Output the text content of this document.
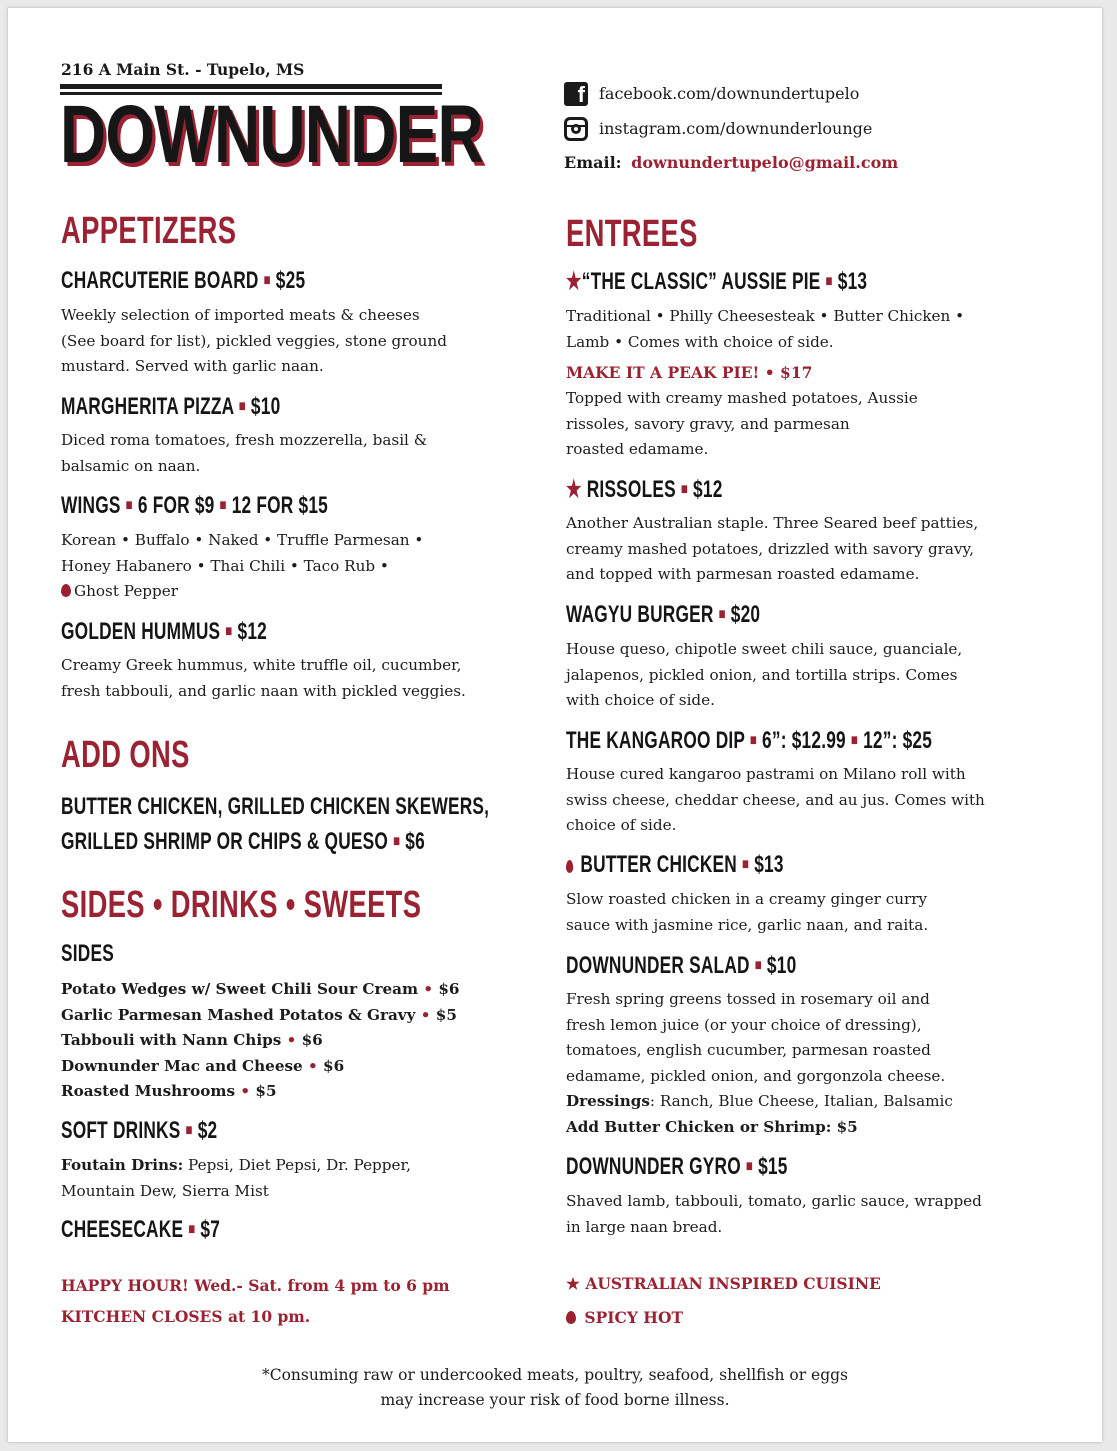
216 A Main St. - Tupelo, MS
DOWNUNDER	f facebook.com/downundertupelo
instagram.com/downunderlounge
Email: downundertupelo@gmail.com
APPETIZERS
CHARCUTERIE BOARD ■ $25
Weekly selection of imported meats & cheeses
(See board for list), pickled veggies, stone ground
mustard. Served with garlic naan.
MARGHERITA PIZZA ■ $10
Diced roma tomatoes, fresh mozzerella, basil &
balsamic on naan.
WINGS ■ 6 FOR $9 ■ 12 FOR $15
Korean • Buffalo • Naked • Truffle Parmesan •
Honey Habanero • Thai Chili • Taco Rub •
Ghost Pepper
GOLDEN HUMMUS ■ $12
Creamy Greek hummus, white truffle oil, cucumber,
fresh tabbouli, and garlic naan with pickled veggies.
ADD ONS
BUTTER CHICKEN, GRILLED CHICKEN SKEWERS,
GRILLED SHRIMP OR CHIPS & QUESO ■ $6
SIDES • DRINKS • SWEETS
SIDES
Potato Wedges w/ Sweet Chili Sour Cream • $6
Garlic Parmesan Mashed Potatos & Gravy • $5
Tabbouli with Nann Chips • $6
Downunder Mac and Cheese • $6
Roasted Mushrooms • $5
SOFT DRINKS ■ $2
Foutain Drins: Pepsi, Diet Pepsi, Dr. Pepper,
Mountain Dew, Sierra Mist
CHEESECAKE ■ $7
HAPPY HOUR! Wed.- Sat. from 4 pm to 6 pm
KITCHEN CLOSES at 10 pm.
ENTREES
★“THE CLASSIC” AUSSIE PIE ■ $13
Traditional • Philly Cheesesteak • Butter Chicken •
Lamb • Comes with choice of side.
MAKE IT A PEAK PIE! • $17
Topped with creamy mashed potatoes, Aussie
rissoles, savory gravy, and parmesan
roasted edamame.
★ RISSOLES ■ $12
Another Australian staple. Three Seared beef patties,
creamy mashed potatoes, drizzled with savory gravy,
and topped with parmesan roasted edamame.
WAGYU BURGER ■ $20
House queso, chipotle sweet chili sauce, guanciale,
jalapenos, pickled onion, and tortilla strips. Comes
with choice of side.
THE KANGAROO DIP ■ 6”: $12.99 ■ 12”: $25
House cured kangaroo pastrami on Milano roll with
swiss cheese, cheddar cheese, and au jus. Comes with
choice of side.
BUTTER CHICKEN ■ $13
Slow roasted chicken in a creamy ginger curry
sauce with jasmine rice, garlic naan, and raita.
DOWNUNDER SALAD ■ $10
Fresh spring greens tossed in rosemary oil and
fresh lemon juice (or your choice of dressing),
tomatoes, english cucumber, parmesan roasted
edamame, pickled onion, and gorgonzola cheese.
Dressings: Ranch, Blue Cheese, Italian, Balsamic
Add Butter Chicken or Shrimp: $5
DOWNUNDER GYRO ■ $15
Shaved lamb, tabbouli, tomato, garlic sauce, wrapped
in large naan bread.
★ AUSTRALIAN INSPIRED CUISINE
SPICY HOT
*Consuming raw or undercooked meats, poultry, seafood, shellfish or eggs
may increase your risk of food borne illness.
